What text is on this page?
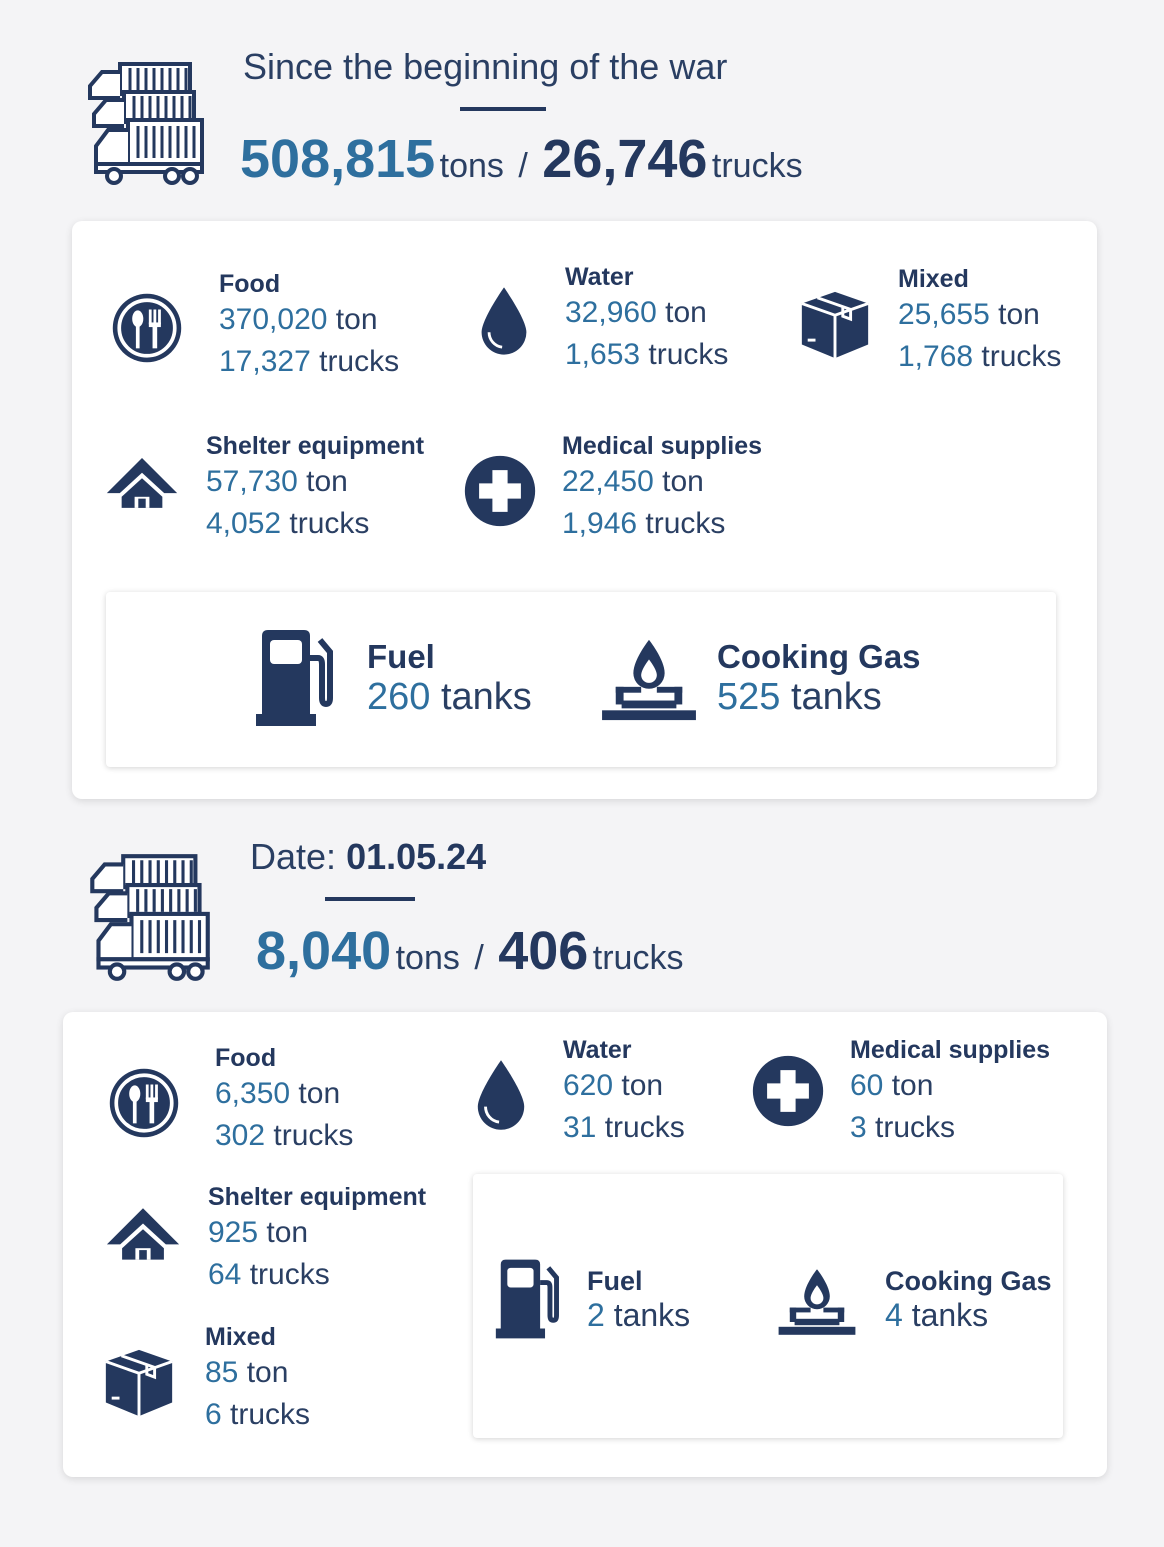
Since the beginning of the war
508,815 tons / 26,746 trucks
Food
370,020 ton
17,327 trucks
Water
32,960 ton
1,653 trucks
Mixed
25,655 ton
1,768 trucks
Shelter equipment
57,730 ton
4,052 trucks
Medical supplies
22,450 ton
1,946 trucks
Fuel
260 tanks
Cooking Gas
525 tanks
Date: 01.05.24
8,040 tons / 406 trucks
Food
6,350 ton
302 trucks
Water
620 ton
31 trucks
Medical supplies
60 ton
3 trucks
Shelter equipment
925 ton
64 trucks
Mixed
85 ton
6 trucks
Fuel
2 tanks
Cooking Gas
4 tanks
